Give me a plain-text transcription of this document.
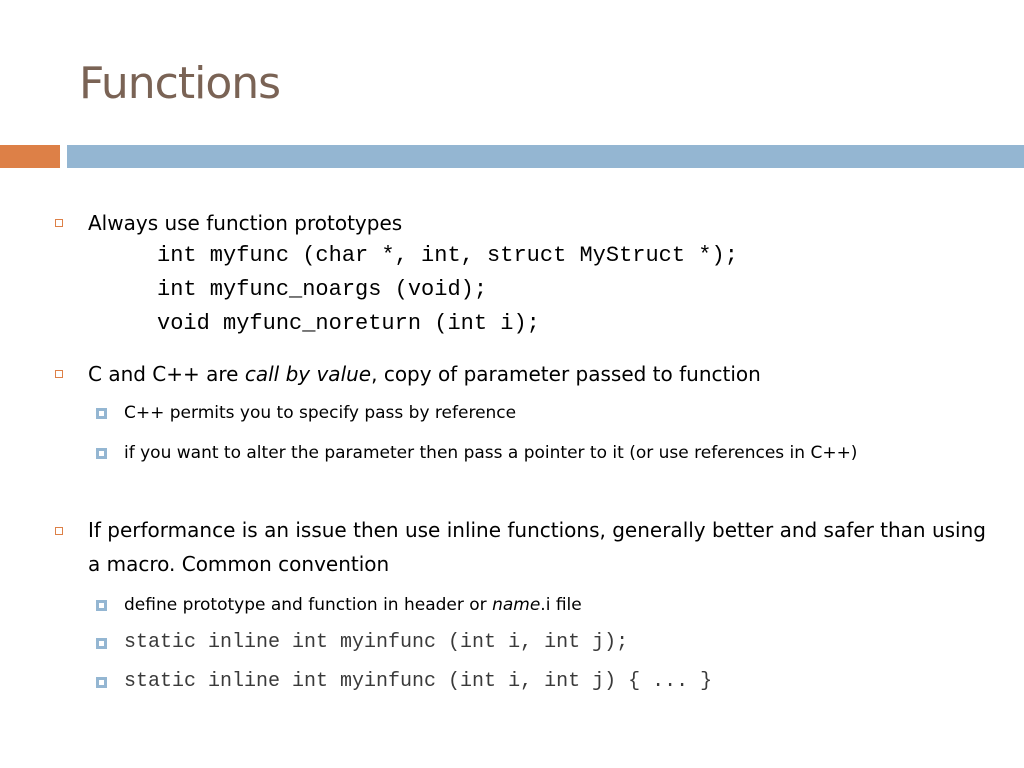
Functions
Always use function prototypes
int myfunc (char *, int, struct MyStruct *);
int myfunc_noargs (void);
void myfunc_noreturn (int i);
C and C++ are call by value, copy of parameter passed to function
C++ permits you to specify pass by reference
if you want to alter the parameter then pass a pointer to it (or use references in C++)
If performance is an issue then use inline functions, generally better and safer than using a macro. Common convention
define prototype and function in header or name.i file
static inline int myinfunc (int i, int j);
static inline int myinfunc (int i, int j) { ... }
